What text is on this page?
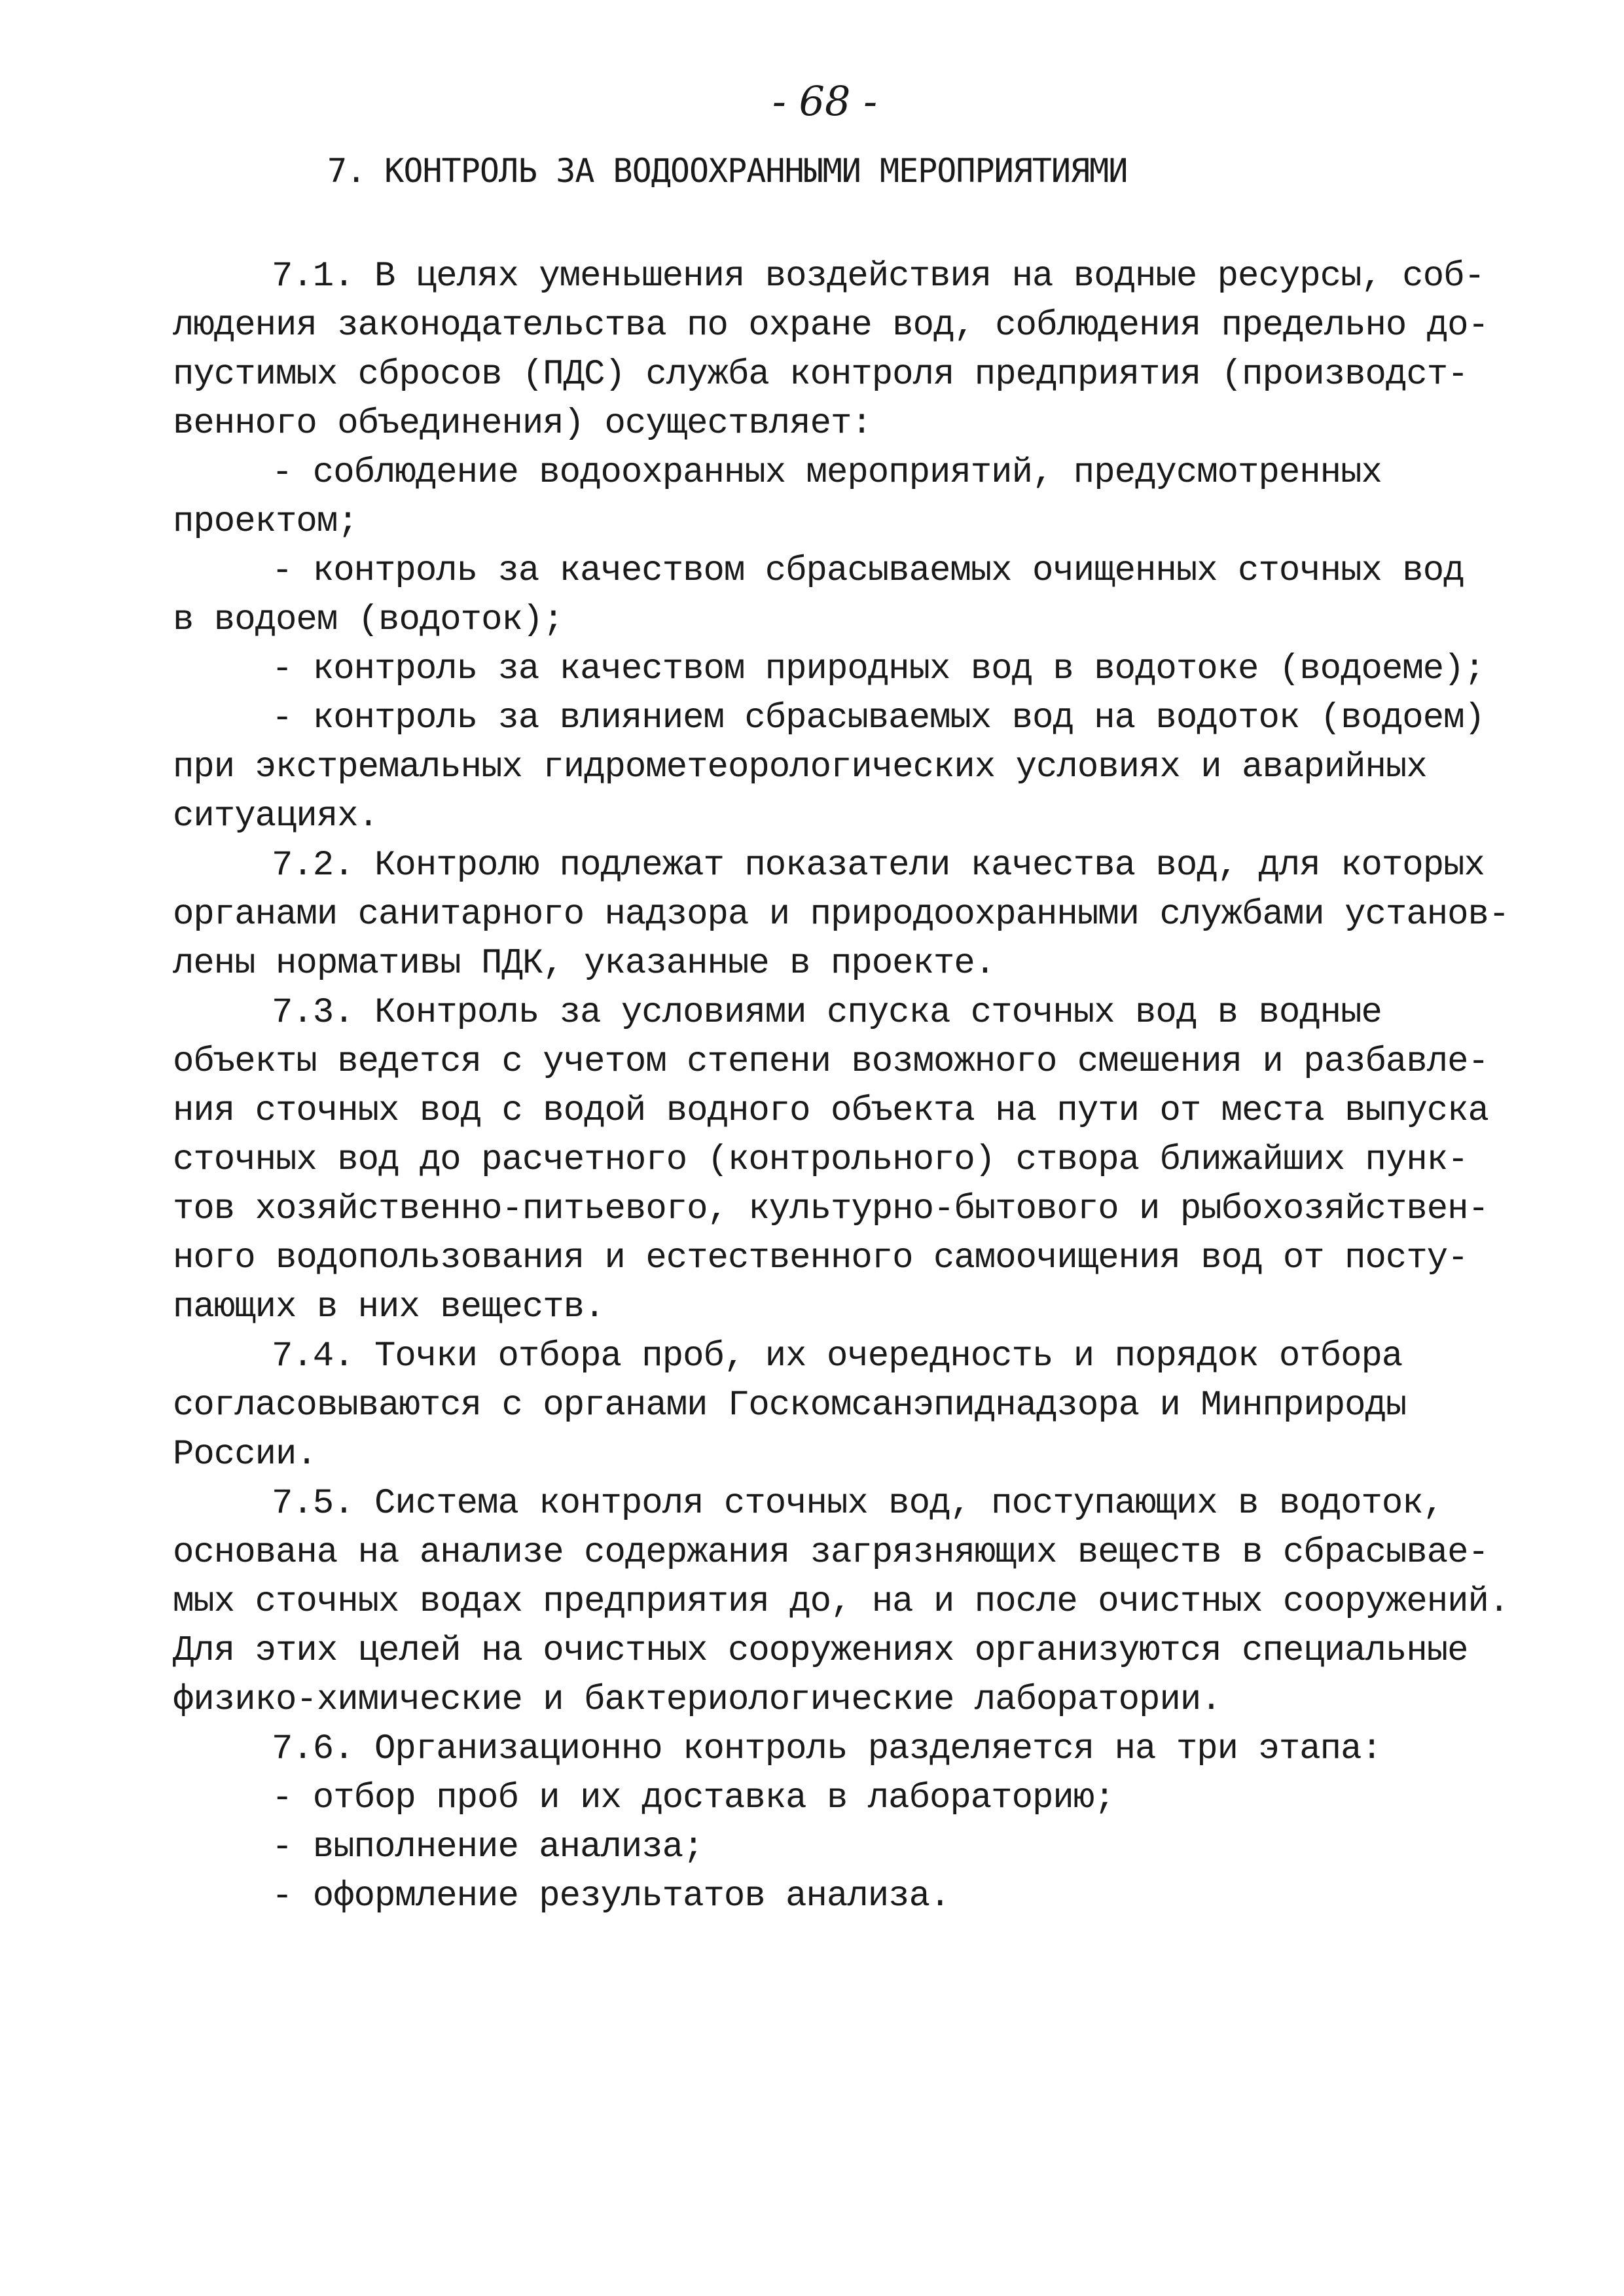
- 68 -
7. КОНТРОЛЬ ЗА ВОДООХРАННЫМИ МЕРОПРИЯТИЯМИ
7.1. В целях уменьшения воздействия на водные ресурсы, соб-
людения законодательства по охране вод, соблюдения предельно до-
пустимых сбросов (ПДС) служба контроля предприятия (производст-
венного объединения) осуществляет:
- соблюдение водоохранных мероприятий, предусмотренных
проектом;
- контроль за качеством сбрасываемых очищенных сточных вод
в водоем (водоток);
- контроль за качеством природных вод в водотоке (водоеме);
- контроль за влиянием сбрасываемых вод на водоток (водоем)
при экстремальных гидрометеорологических условиях и аварийных
ситуациях.
7.2. Контролю подлежат показатели качества вод, для которых
органами санитарного надзора и природоохранными службами установ-
лены нормативы ПДК, указанные в проекте.
7.3. Контроль за условиями спуска сточных вод в водные
объекты ведется с учетом степени возможного смешения и разбавле-
ния сточных вод с водой водного объекта на пути от места выпуска
сточных вод до расчетного (контрольного) створа ближайших пунк-
тов хозяйственно-питьевого, культурно-бытового и рыбохозяйствен-
ного водопользования и естественного самоочищения вод от посту-
пающих в них веществ.
7.4. Точки отбора проб, их очередность и порядок отбора
согласовываются с органами Госкомсанэпиднадзора и Минприроды
России.
7.5. Система контроля сточных вод, поступающих в водоток,
основана на анализе содержания загрязняющих веществ в сбрасывае-
мых сточных водах предприятия до, на и после очистных сооружений.
Для этих целей на очистных сооружениях организуются специальные
физико-химические и бактериологические лаборатории.
7.6. Организационно контроль разделяется на три этапа:
- отбор проб и их доставка в лабораторию;
- выполнение анализа;
- оформление результатов анализа.
